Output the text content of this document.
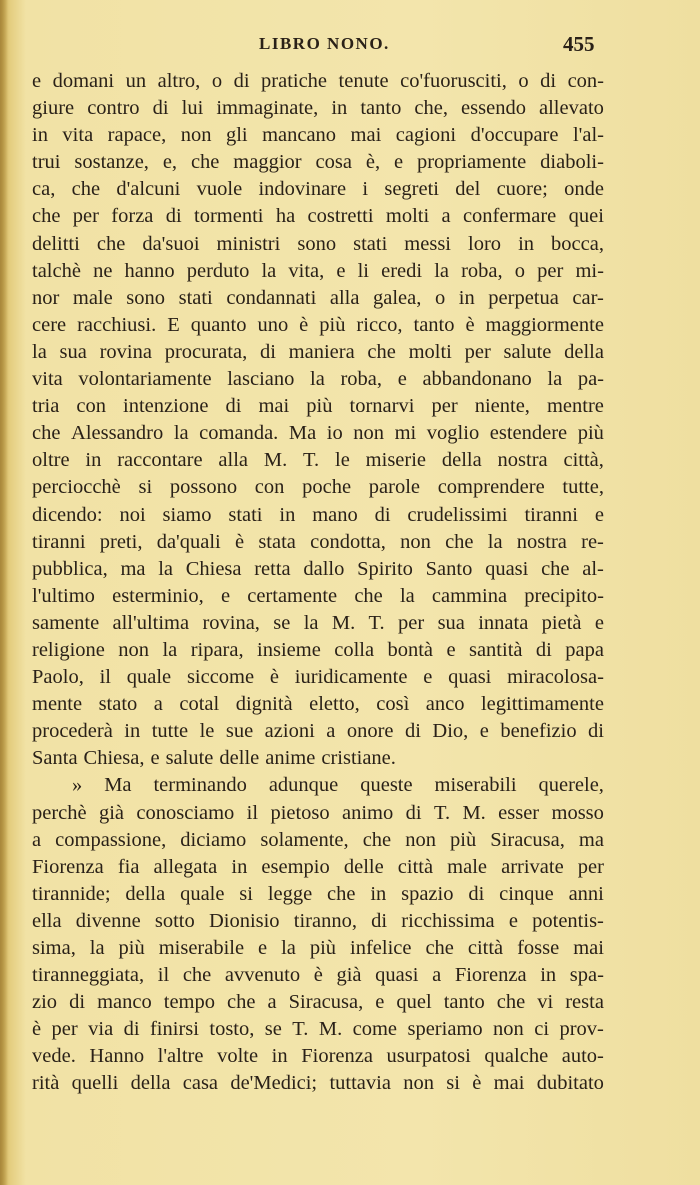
LIBRO NONO.	455
e domani un altro, o di pratiche tenute co'fuorusciti, o di con-
giure contro di lui immaginate, in tanto che, essendo allevato
in vita rapace, non gli mancano mai cagioni d'occupare l'al-
trui sostanze, e, che maggior cosa è, e propriamente diaboli-
ca, che d'alcuni vuole indovinare i segreti del cuore; onde
che per forza di tormenti ha costretti molti a confermare quei
delitti che da'suoi ministri sono stati messi loro in bocca,
talchè ne hanno perduto la vita, e li eredi la roba, o per mi-
nor male sono stati condannati alla galea, o in perpetua car-
cere racchiusi. E quanto uno è più ricco, tanto è maggiormente
la sua rovina procurata, di maniera che molti per salute della
vita volontariamente lasciano la roba, e abbandonano la pa-
tria con intenzione di mai più tornarvi per niente, mentre
che Alessandro la comanda. Ma io non mi voglio estendere più
oltre in raccontare alla M. T. le miserie della nostra città,
perciocchè si possono con poche parole comprendere tutte,
dicendo: noi siamo stati in mano di crudelissimi tiranni e
tiranni preti, da'quali è stata condotta, non che la nostra re-
pubblica, ma la Chiesa retta dallo Spirito Santo quasi che al-
l'ultimo esterminio, e certamente che la cammina precipito-
samente all'ultima rovina, se la M. T. per sua innata pietà e
religione non la ripara, insieme colla bontà e santità di papa
Paolo, il quale siccome è iuridicamente e quasi miracolosa-
mente stato a cotal dignità eletto, così anco legittimamente
procederà in tutte le sue azioni a onore di Dio, e benefizio di
Santa Chiesa, e salute delle anime cristiane.
» Ma terminando adunque queste miserabili querele,
perchè già conosciamo il pietoso animo di T. M. esser mosso
a compassione, diciamo solamente, che non più Siracusa, ma
Fiorenza fia allegata in esempio delle città male arrivate per
tirannide; della quale si legge che in spazio di cinque anni
ella divenne sotto Dionisio tiranno, di ricchissima e potentis-
sima, la più miserabile e la più infelice che città fosse mai
tiranneggiata, il che avvenuto è già quasi a Fiorenza in spa-
zio di manco tempo che a Siracusa, e quel tanto che vi resta
è per via di finirsi tosto, se T. M. come speriamo non ci prov-
vede. Hanno l'altre volte in Fiorenza usurpatosi qualche auto-
rità quelli della casa de'Medici; tuttavia non si è mai dubitato
